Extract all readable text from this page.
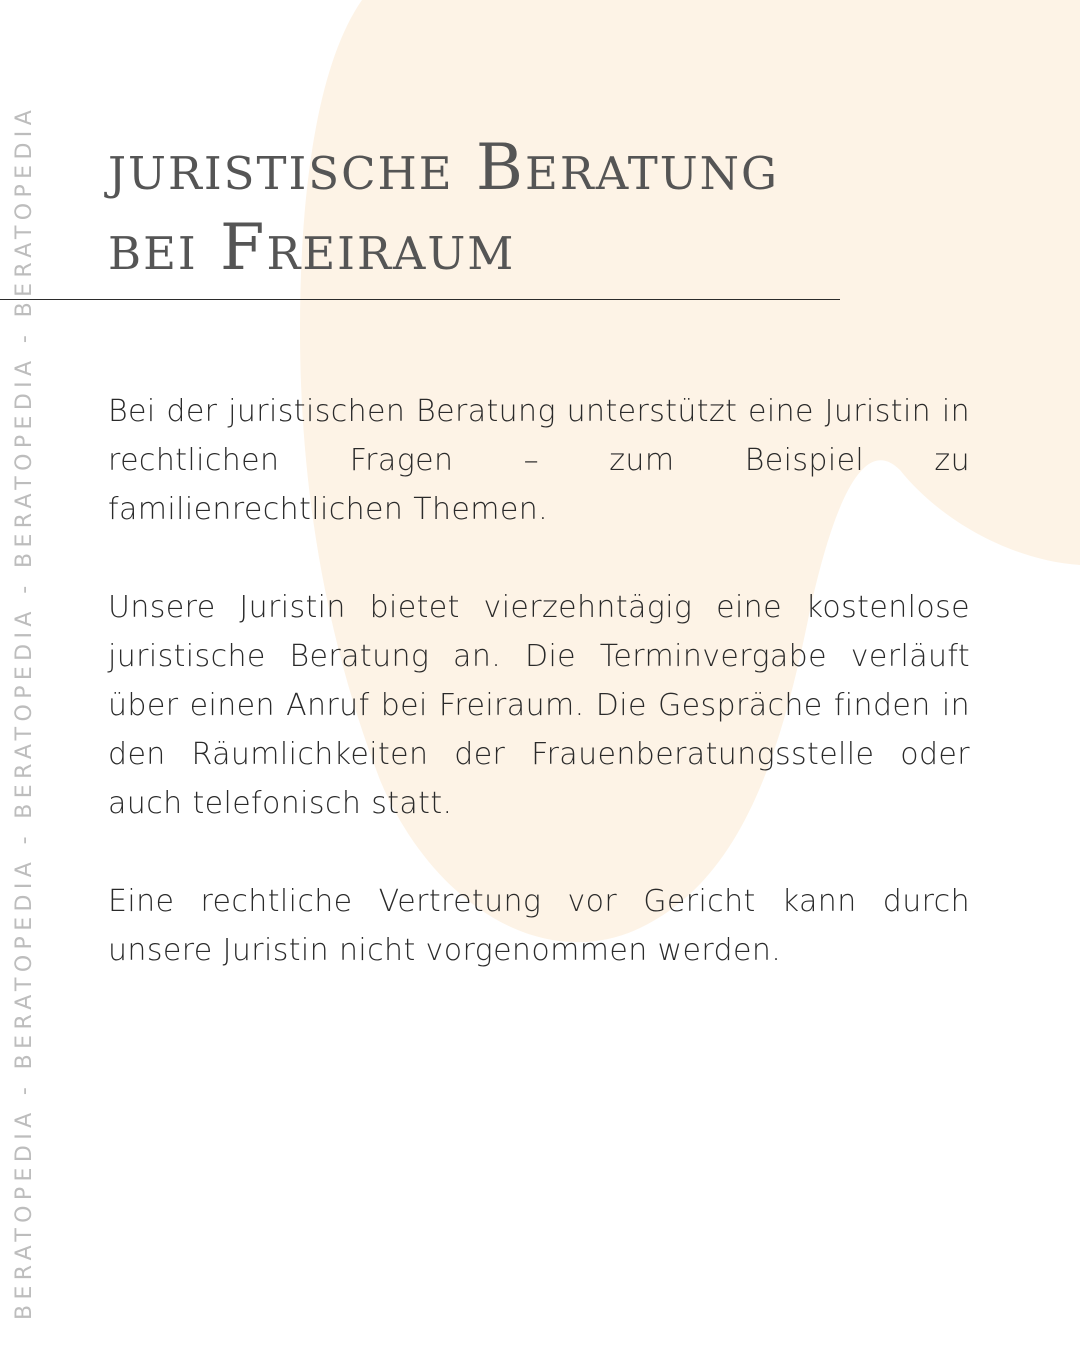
BERATOPEDIA - BERATOPEDIA - BERATOPEDIA - BERATOPEDIA - BERATOPEDIA juristische Beratung
bei Freiraum

Bei der juristischen Beratung unterstützt eine Juristin in rechtlichen Fragen – zum Beispiel zu familienrechtlichen Themen.

Unsere Juristin bietet vierzehntägig eine kostenlose juristische Beratung an. Die Terminvergabe verläuft über einen Anruf bei Freiraum. Die Gespräche finden in den Räumlichkeiten der Frauenberatungsstelle oder auch telefonisch statt.

Eine rechtliche Vertretung vor Gericht kann durch unsere Juristin nicht vorgenommen werden.
